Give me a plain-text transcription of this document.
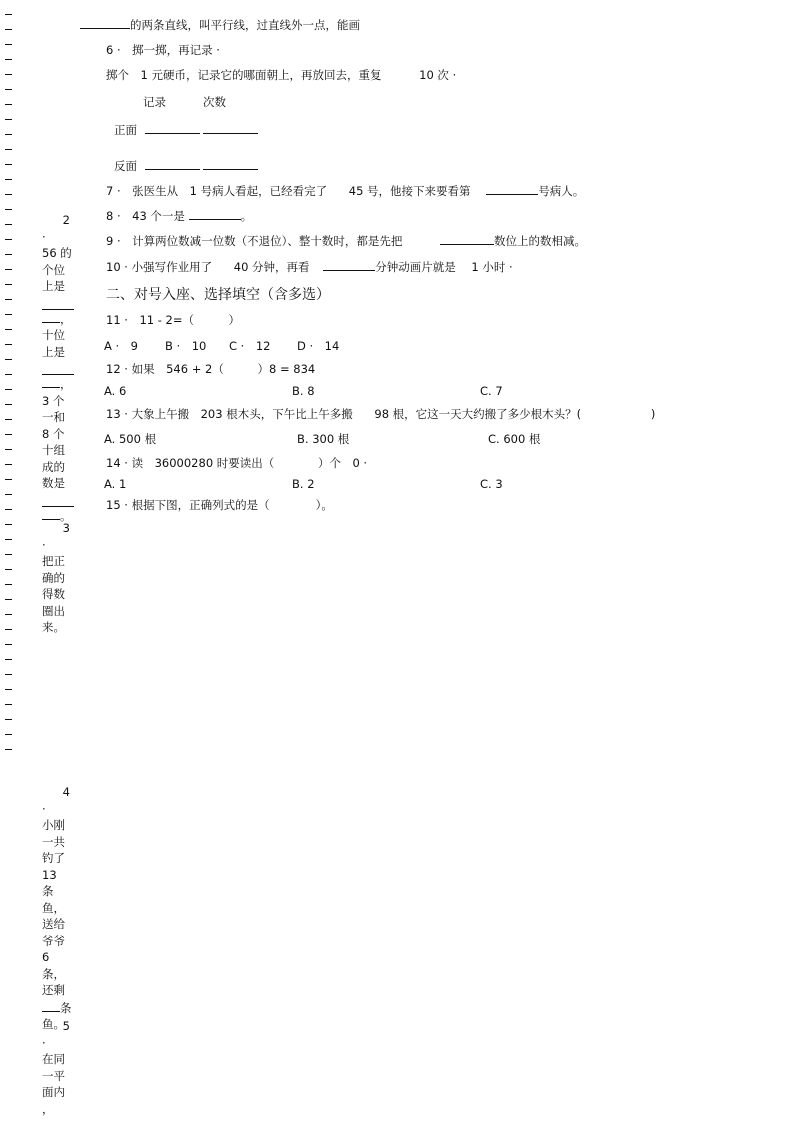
的两条直线，叫平行线，过直线外一点，能画
6 ·　掷一掷，再记录 ·
掷个　1 元硬币，记录它的哪面朝上，再放回去，重复	10 次 ·
记录	次数
正面
反面
7 ·　张医生从　1 号病人看起，已经看完了 45 号，他接下来要看第	号病人。
8 ·　43 个一是	。
9 ·　计算两位数减一位数（不退位）、整十数时，都是先把	数位上的数相减。
10 · 小强写作业用了 40 分钟，再看	分钟动画片就是 1 小时 ·
二、对号入座、选择填空（含多选）
11 ·　11 - 2=（　　　）
A ·　9 B ·　10 C ·　12 D ·　14
12 · 如果　546 + 2（	）8 = 834
A. 6	B. 8	C. 7
13 · 大象上午搬　203 根木头，下午比上午多搬 98 根，它这一天大约搬了多少根木头？(	)
A. 500 根	B. 300 根	C. 600 根
14 · 读　36000280 时要读出（	）个　0 ·
A. 1	B. 2	C. 3
15 · 根据下图，正确列式的是（　　　　）。
2
·
56 的
个位
上是
，
十位
上是
，
3 个
一和
8 个
十组
成的
数是
。
3
·
把正
确的
得数
圈出
来。
4
·
小刚
一共
钓了
13　条
鱼，
送给
爷爷
6 条，
还剩
条
鱼。
5
·
在同
一平
面内
，
